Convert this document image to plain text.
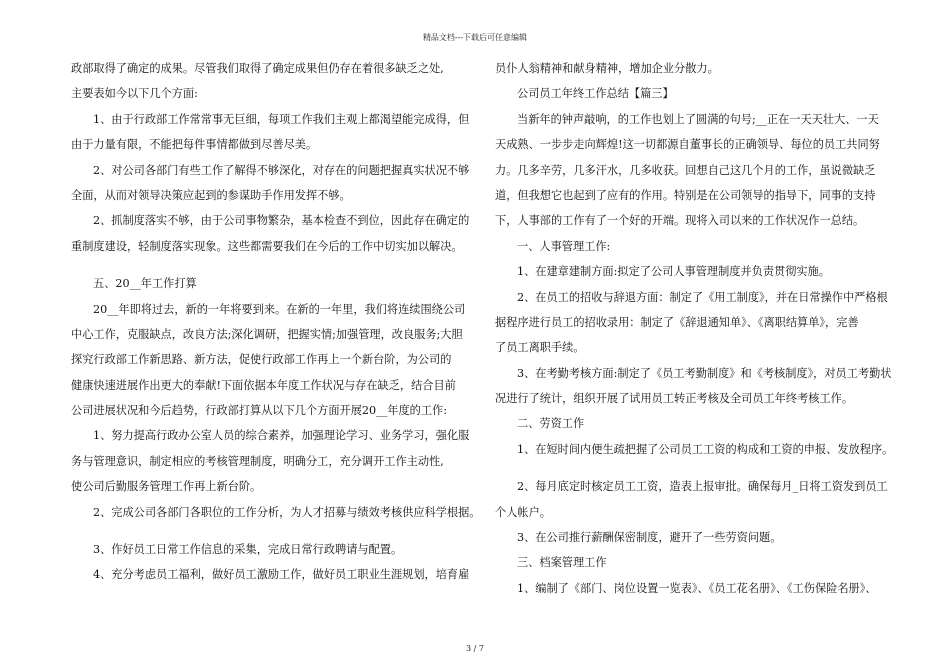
精品文档---下载后可任意编辑
政部取得了确定的成果。尽管我们取得了确定成果但仍存在着很多缺乏之处,
主要表如今以下几个方面:
1、由于行政部工作常常事无巨细，每项工作我们主观上都渴望能完成得，但
由于力量有限，不能把每件事情都做到尽善尽美。
2、对公司各部门有些工作了解得不够深化，对存在的问题把握真实状况不够
全面，从而对领导决策应起到的参谋助手作用发挥不够。
2、抓制度落实不够，由于公司事物繁杂，基本检查不到位，因此存在确定的
重制度建设，轻制度落实现象。这些都需要我们在今后的工作中切实加以解决。
五、20__年工作打算
20__年即将过去，新的一年将要到来。在新的一年里，我们将连续围绕公司
中心工作，克服缺点，改良方法;深化调研，把握实情;加强管理，改良服务;大胆
探究行政部工作新思路、新方法，促使行政部工作再上一个新台阶，为公司的
健康快速进展作出更大的奉献!下面依据本年度工作状况与存在缺乏，结合目前
公司进展状况和今后趋势，行政部打算从以下几个方面开展20__年度的工作:
1、努力提高行政办公室人员的综合素养，加强理论学习、业务学习，强化服
务与管理意识，制定相应的考核管理制度，明确分工，充分调开工作主动性,
使公司后勤服务管理工作再上新台阶。
2、完成公司各部门各职位的工作分析，为人才招募与绩效考核供应科学根据。
3、作好员工日常工作信息的采集，完成日常行政聘请与配置。
4、充分考虑员工福利，做好员工激励工作，做好员工职业生涯规划，培育雇
员仆人翁精神和献身精神，增加企业分散力。
公司员工年终工作总结【篇三】
当新年的钟声敲响，的工作也划上了圆满的句号;__正在一天天壮大、一天
天成熟、一步步走向辉煌!这一切都源自董事长的正确领导、每位的员工共同努
力。几多辛劳，几多汗水，几多收获。回想自己这几个月的工作，虽说微缺乏
道，但我想它也起到了应有的作用。特别是在公司领导的指导下，同事的支持
下，人事部的工作有了一个好的开端。现将入司以来的工作状况作一总结。
一、人事管理工作:
1、在建章建制方面:拟定了公司人事管理制度并负责贯彻实施。
2、在员工的招收与辞退方面：制定了《用工制度》，并在日常操作中严格根
据程序进行员工的招收录用：制定了《辞退通知单》、《离职结算单》，完善
了员工离职手续。
3、在考勤考核方面:制定了《员工考勤制度》和《考核制度》，对员工考勤状
况进行了统计，组织开展了试用员工转正考核及全司员工年终考核工作。
二、劳资工作
1、在短时间内便生疏把握了公司员工工资的构成和工资的申报、发放程序。
2、每月底定时核定员工工资，造表上报审批。确保每月_日将工资发到员工
个人帐户。
3、在公司推行薪酬保密制度，避开了一些劳资问题。
三、档案管理工作
1、编制了《部门、岗位设置一览表》、《员工花名册》、《工伤保险名册》、
3 / 7
